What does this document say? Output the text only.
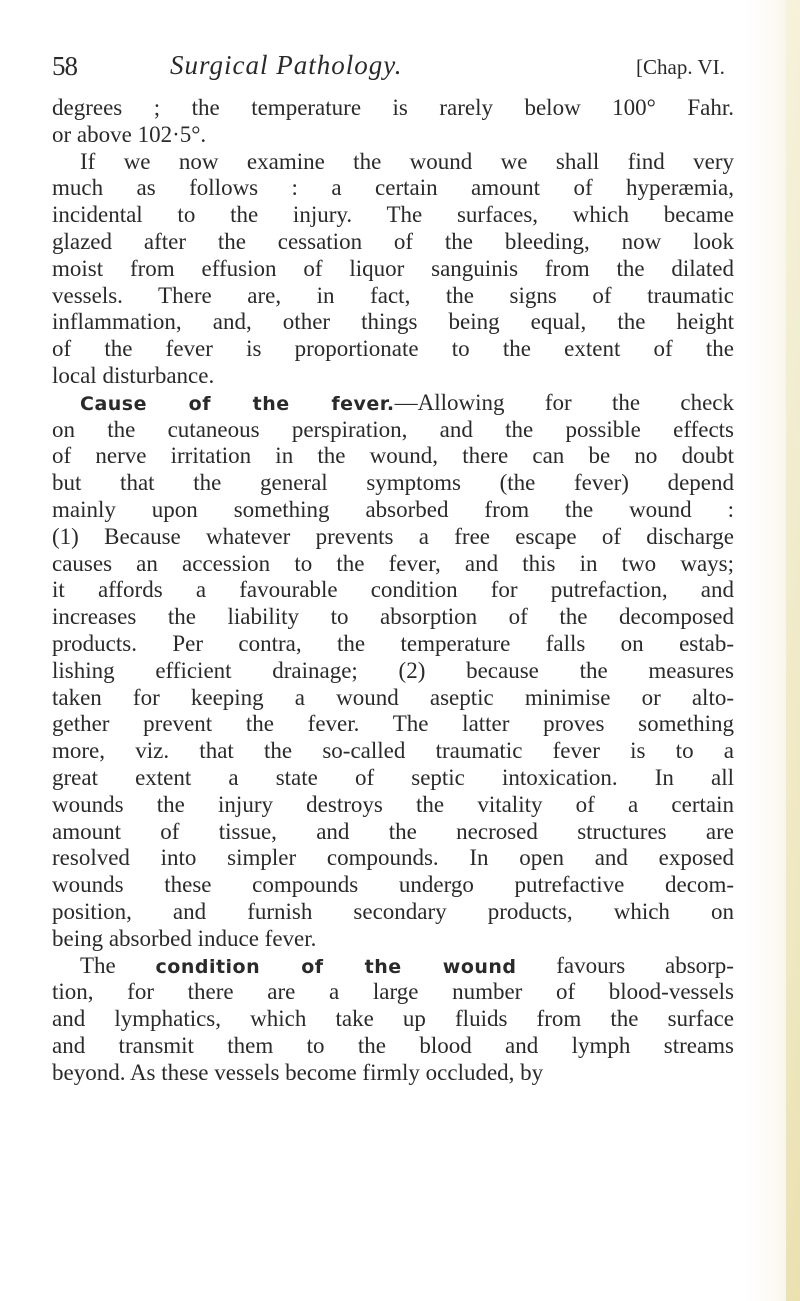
58	Surgical Pathology.	[Chap. VI.
degrees ; the temperature is rarely below 100° Fahr.
or above 102·5°.
If we now examine the wound we shall find very
much as follows : a certain amount of hyperæmia,
incidental to the injury. The surfaces, which became
glazed after the cessation of the bleeding, now look
moist from effusion of liquor sanguinis from the dilated
vessels. There are, in fact, the signs of traumatic
inflammation, and, other things being equal, the height
of the fever is proportionate to the extent of the
local disturbance.
Cause of the fever.—Allowing for the check
on the cutaneous perspiration, and the possible effects
of nerve irritation in the wound, there can be no doubt
but that the general symptoms (the fever) depend
mainly upon something absorbed from the wound :
(1) Because whatever prevents a free escape of discharge
causes an accession to the fever, and this in two ways;
it affords a favourable condition for putrefaction, and
increases the liability to absorption of the decomposed
products. Per contra, the temperature falls on estab-
lishing efficient drainage; (2) because the measures
taken for keeping a wound aseptic minimise or alto-
gether prevent the fever. The latter proves something
more, viz. that the so-called traumatic fever is to a
great extent a state of septic intoxication. In all
wounds the injury destroys the vitality of a certain
amount of tissue, and the necrosed structures are
resolved into simpler compounds. In open and exposed
wounds these compounds undergo putrefactive decom-
position, and furnish secondary products, which on
being absorbed induce fever.
The condition of the wound favours absorp-
tion, for there are a large number of blood-vessels
and lymphatics, which take up fluids from the surface
and transmit them to the blood and lymph streams
beyond. As these vessels become firmly occluded, by
